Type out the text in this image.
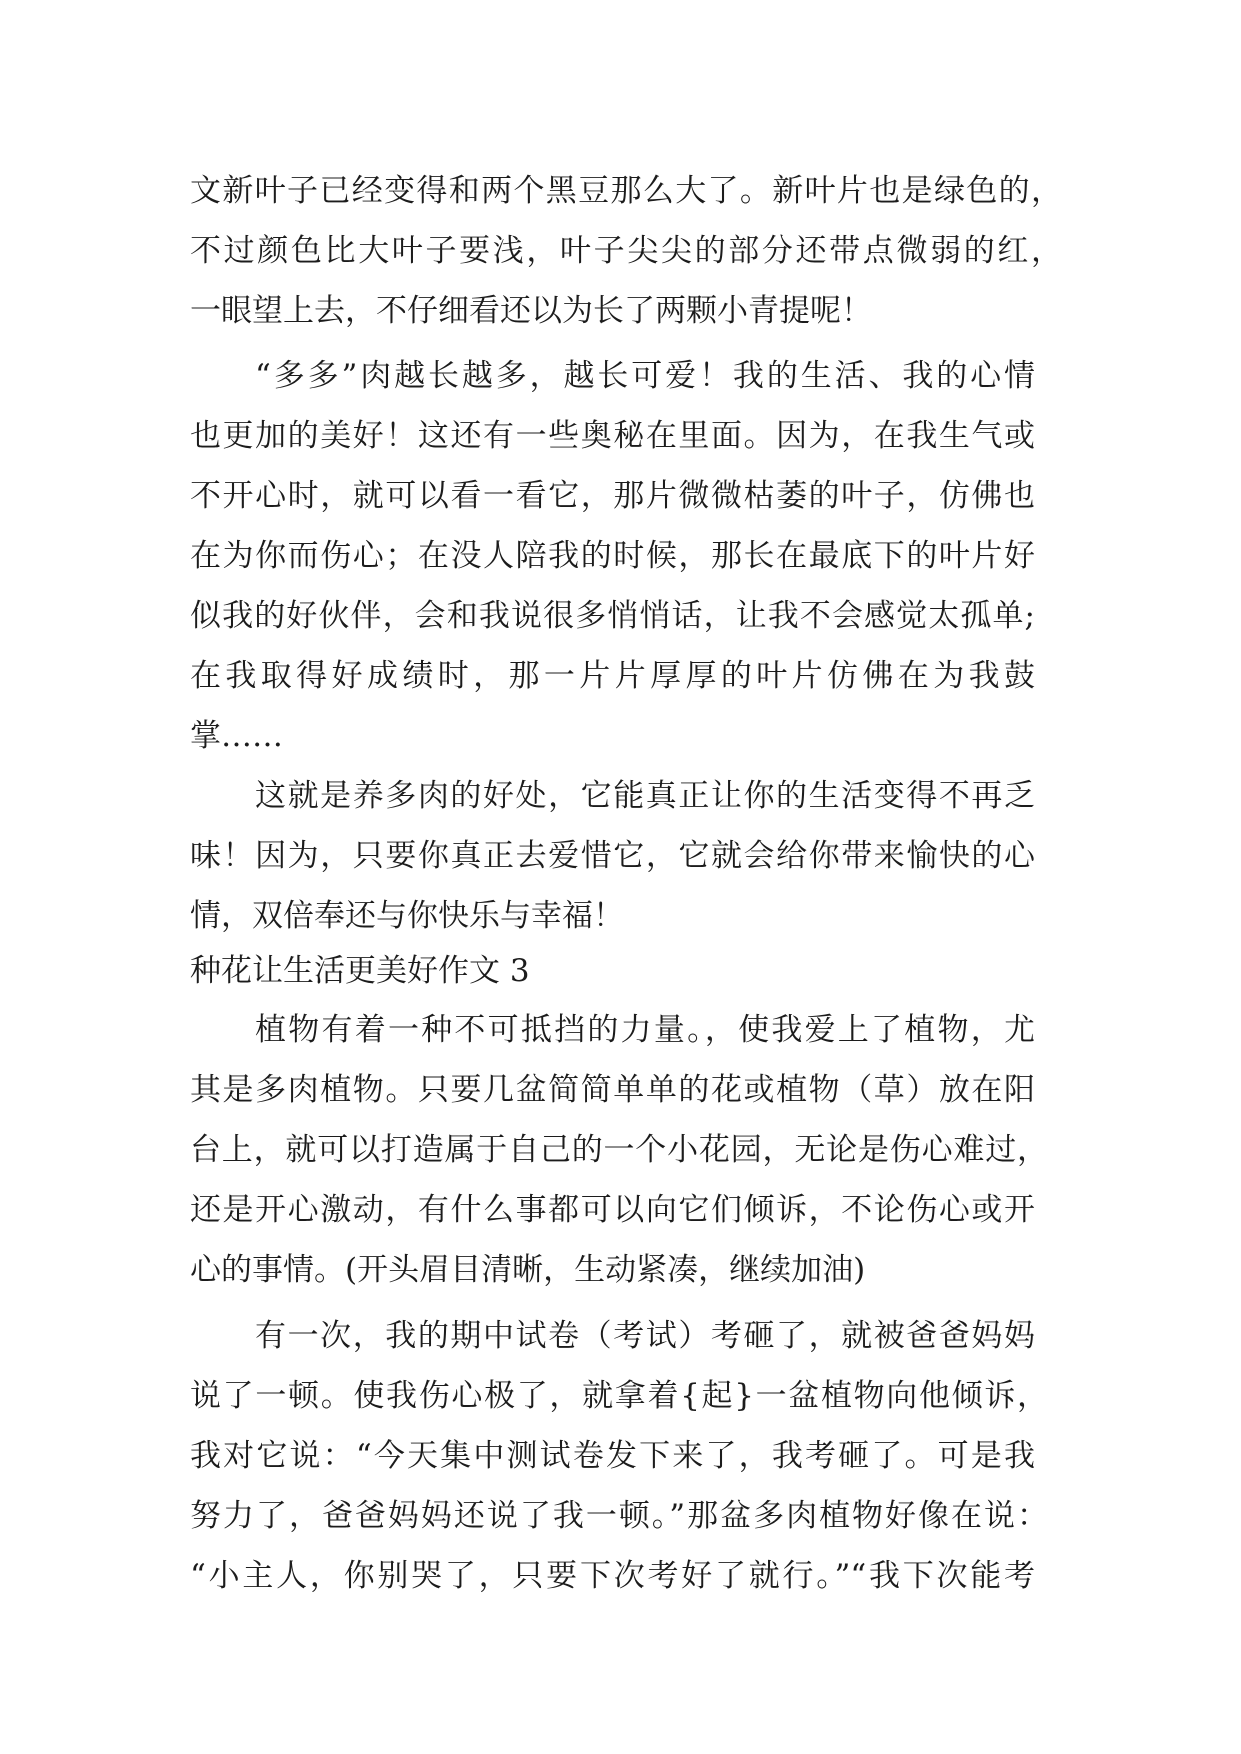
文新叶子已经变得和两个黑豆那么大了。新叶片也是绿色的，
不过颜色比大叶子要浅，叶子尖尖的部分还带点微弱的红，
一眼望上去，不仔细看还以为长了两颗小青提呢！
“多多”肉越长越多，越长可爱！我的生活、我的心情
也更加的美好！这还有一些奥秘在里面。因为，在我生气或
不开心时，就可以看一看它，那片微微枯萎的叶子，仿佛也
在为你而伤心；在没人陪我的时候，那长在最底下的叶片好
似我的好伙伴，会和我说很多悄悄话，让我不会感觉太孤单;
在我取得好成绩时，那一片片厚厚的叶片仿佛在为我鼓
掌……
这就是养多肉的好处，它能真正让你的生活变得不再乏
味！因为，只要你真正去爱惜它，它就会给你带来愉快的心
情，双倍奉还与你快乐与幸福！
种花让生活更美好作文 3
植物有着一种不可抵挡的力量。，使我爱上了植物，尤
其是多肉植物。只要几盆简简单单的花或植物（草）放在阳
台上，就可以打造属于自己的一个小花园，无论是伤心难过，
还是开心激动，有什么事都可以向它们倾诉，不论伤心或开
心的事情。(开头眉目清晰，生动紧凑，继续加油)
有一次，我的期中试卷（考试）考砸了，就被爸爸妈妈
说了一顿。使我伤心极了，就拿着{起}一盆植物向他倾诉，
我对它说：“今天集中测试卷发下来了，我考砸了。可是我
努力了，爸爸妈妈还说了我一顿。”那盆多肉植物好像在说：
“小主人，你别哭了，只要下次考好了就行。”“我下次能考
